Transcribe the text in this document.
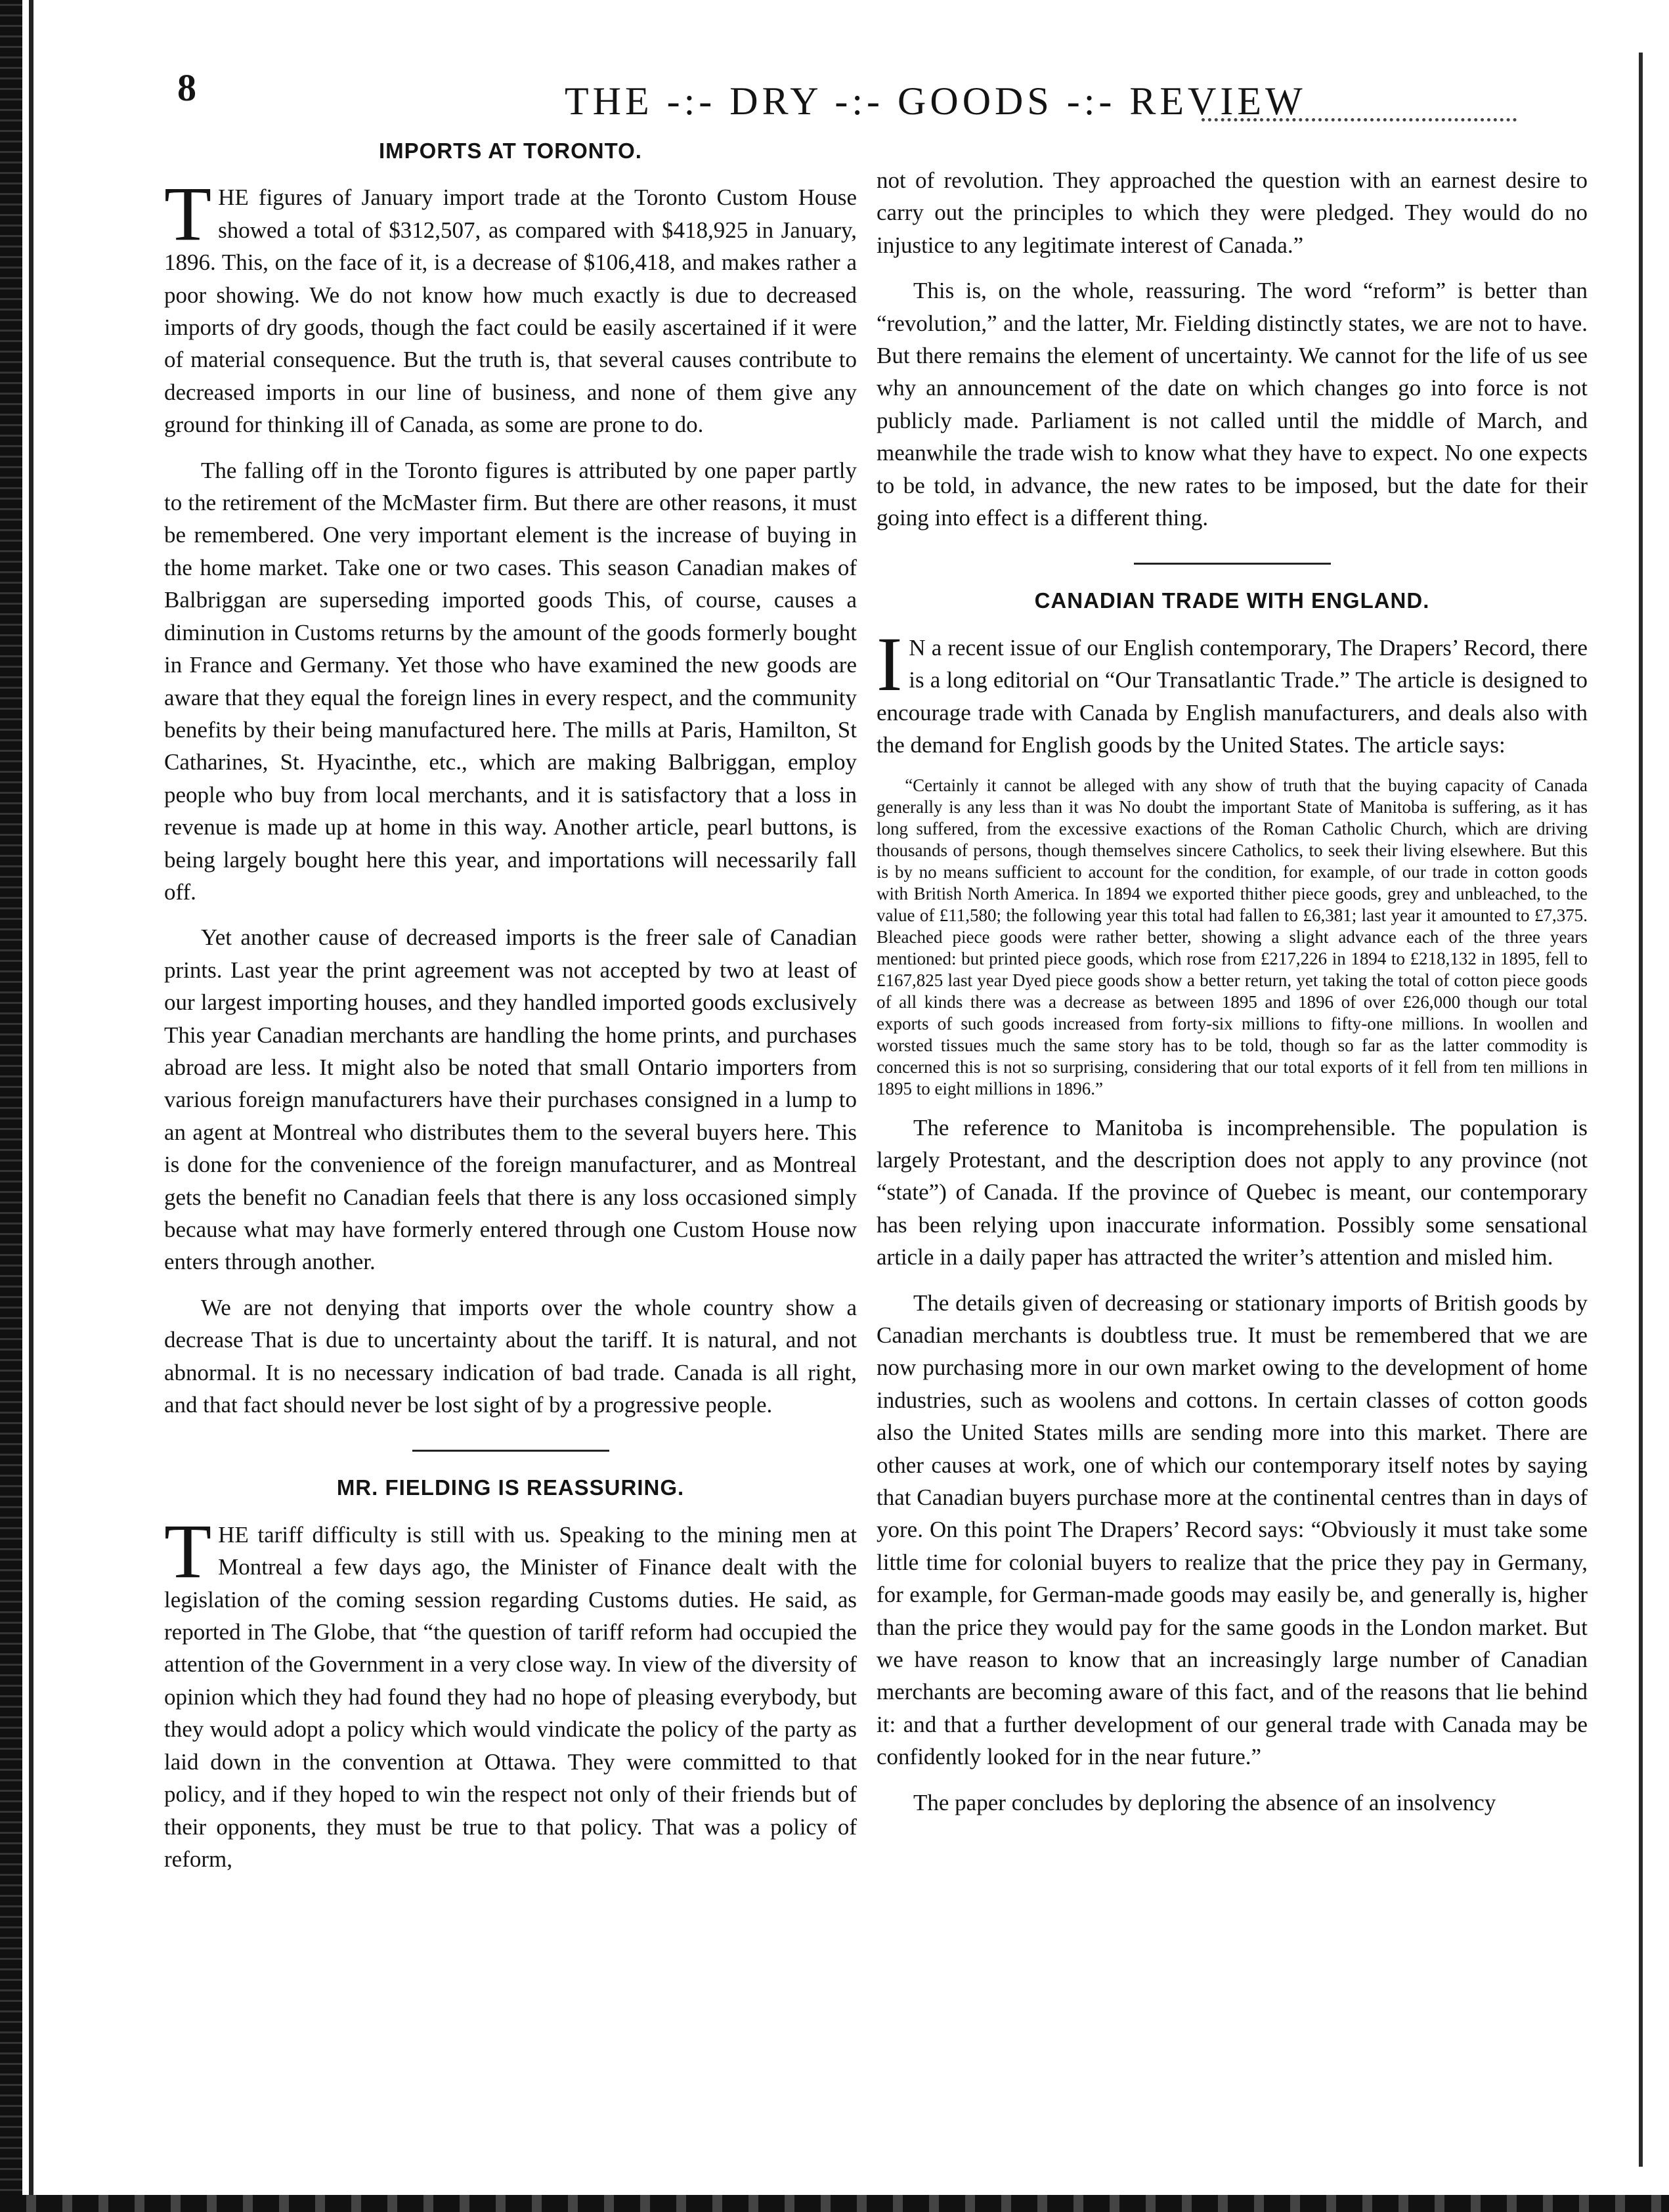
8	THE -:- DRY -:- GOODS -:- REVIEW
IMPORTS AT TORONTO.

THE figures of January import trade at the Toronto Custom House showed a total of $312,507, as compared with $418,925 in January, 1896. This, on the face of it, is a decrease of $106,418, and makes rather a poor showing. We do not know how much exactly is due to decreased imports of dry goods, though the fact could be easily ascertained if it were of material consequence. But the truth is, that several causes contribute to decreased imports in our line of business, and none of them give any ground for thinking ill of Canada, as some are prone to do.

The falling off in the Toronto figures is attributed by one paper partly to the retirement of the McMaster firm. But there are other reasons, it must be remembered. One very important element is the increase of buying in the home market. Take one or two cases. This season Canadian makes of Balbriggan are superseding imported goods This, of course, causes a diminution in Customs returns by the amount of the goods formerly bought in France and Germany. Yet those who have examined the new goods are aware that they equal the foreign lines in every respect, and the community benefits by their being manufactured here. The mills at Paris, Hamilton, St Catharines, St. Hyacinthe, etc., which are making Balbriggan, employ people who buy from local merchants, and it is satisfactory that a loss in revenue is made up at home in this way. Another article, pearl buttons, is being largely bought here this year, and importations will necessarily fall off.

Yet another cause of decreased imports is the freer sale of Canadian prints. Last year the print agreement was not accepted by two at least of our largest importing houses, and they handled imported goods exclusively This year Canadian merchants are handling the home prints, and purchases abroad are less. It might also be noted that small Ontario importers from various foreign manufacturers have their purchases consigned in a lump to an agent at Montreal who distributes them to the several buyers here. This is done for the convenience of the foreign manufacturer, and as Montreal gets the benefit no Canadian feels that there is any loss occasioned simply because what may have formerly entered through one Custom House now enters through another.

We are not denying that imports over the whole country show a decrease That is due to uncertainty about the tariff. It is natural, and not abnormal. It is no necessary indication of bad trade. Canada is all right, and that fact should never be lost sight of by a progressive people.

MR. FIELDING IS REASSURING.

THE tariff difficulty is still with us. Speaking to the mining men at Montreal a few days ago, the Minister of Finance dealt with the legislation of the coming session regarding Customs duties. He said, as reported in The Globe, that “the question of tariff reform had occupied the attention of the Government in a very close way. In view of the diversity of opinion which they had found they had no hope of pleasing everybody, but they would adopt a policy which would vindicate the policy of the party as laid down in the convention at Ottawa. They were committed to that policy, and if they hoped to win the respect not only of their friends but of their opponents, they must be true to that policy. That was a policy of reform,

not of revolution. They approached the question with an earnest desire to carry out the principles to which they were pledged. They would do no injustice to any legitimate interest of Canada.”

This is, on the whole, reassuring. The word “reform” is better than “revolution,” and the latter, Mr. Fielding distinctly states, we are not to have. But there remains the element of uncertainty. We cannot for the life of us see why an announcement of the date on which changes go into force is not publicly made. Parliament is not called until the middle of March, and meanwhile the trade wish to know what they have to expect. No one expects to be told, in advance, the new rates to be imposed, but the date for their going into effect is a different thing.

CANADIAN TRADE WITH ENGLAND.

I N a recent issue of our English contemporary, The Drapers’ Record, there is a long editorial on “Our Transatlantic Trade.” The article is designed to encourage trade with Canada by English manufacturers, and deals also with the demand for English goods by the United States. The article says:

“Certainly it cannot be alleged with any show of truth that the buying capacity of Canada generally is any less than it was No doubt the important State of Manitoba is suffering, as it has long suffered, from the excessive exactions of the Roman Catholic Church, which are driving thousands of persons, though themselves sincere Catholics, to seek their living elsewhere. But this is by no means sufficient to account for the condition, for example, of our trade in cotton goods with British North America. In 1894 we exported thither piece goods, grey and unbleached, to the value of £11,580; the following year this total had fallen to £6,381; last year it amounted to £7,375. Bleached piece goods were rather better, showing a slight advance each of the three years mentioned: but printed piece goods, which rose from £217,226 in 1894 to £218,132 in 1895, fell to £167,825 last year Dyed piece goods show a better return, yet taking the total of cotton piece goods of all kinds there was a decrease as between 1895 and 1896 of over £26,000 though our total exports of such goods increased from forty-six millions to fifty-one millions. In woollen and worsted tissues much the same story has to be told, though so far as the latter commodity is concerned this is not so surprising, considering that our total exports of it fell from ten millions in 1895 to eight millions in 1896.”

The reference to Manitoba is incomprehensible. The population is largely Protestant, and the description does not apply to any province (not “state”) of Canada. If the province of Quebec is meant, our contemporary has been relying upon inaccurate information. Possibly some sensational article in a daily paper has attracted the writer’s attention and misled him.

The details given of decreasing or stationary imports of British goods by Canadian merchants is doubtless true. It must be remembered that we are now purchasing more in our own market owing to the development of home industries, such as woolens and cottons. In certain classes of cotton goods also the United States mills are sending more into this market. There are other causes at work, one of which our contemporary itself notes by saying that Canadian buyers purchase more at the continental centres than in days of yore. On this point The Drapers’ Record says: “Obviously it must take some little time for colonial buyers to realize that the price they pay in Germany, for example, for German-made goods may easily be, and generally is, higher than the price they would pay for the same goods in the London market. But we have reason to know that an increasingly large number of Canadian merchants are becoming aware of this fact, and of the reasons that lie behind it: and that a further development of our general trade with Canada may be confidently looked for in the near future.”

The paper concludes by deploring the absence of an insolvency
